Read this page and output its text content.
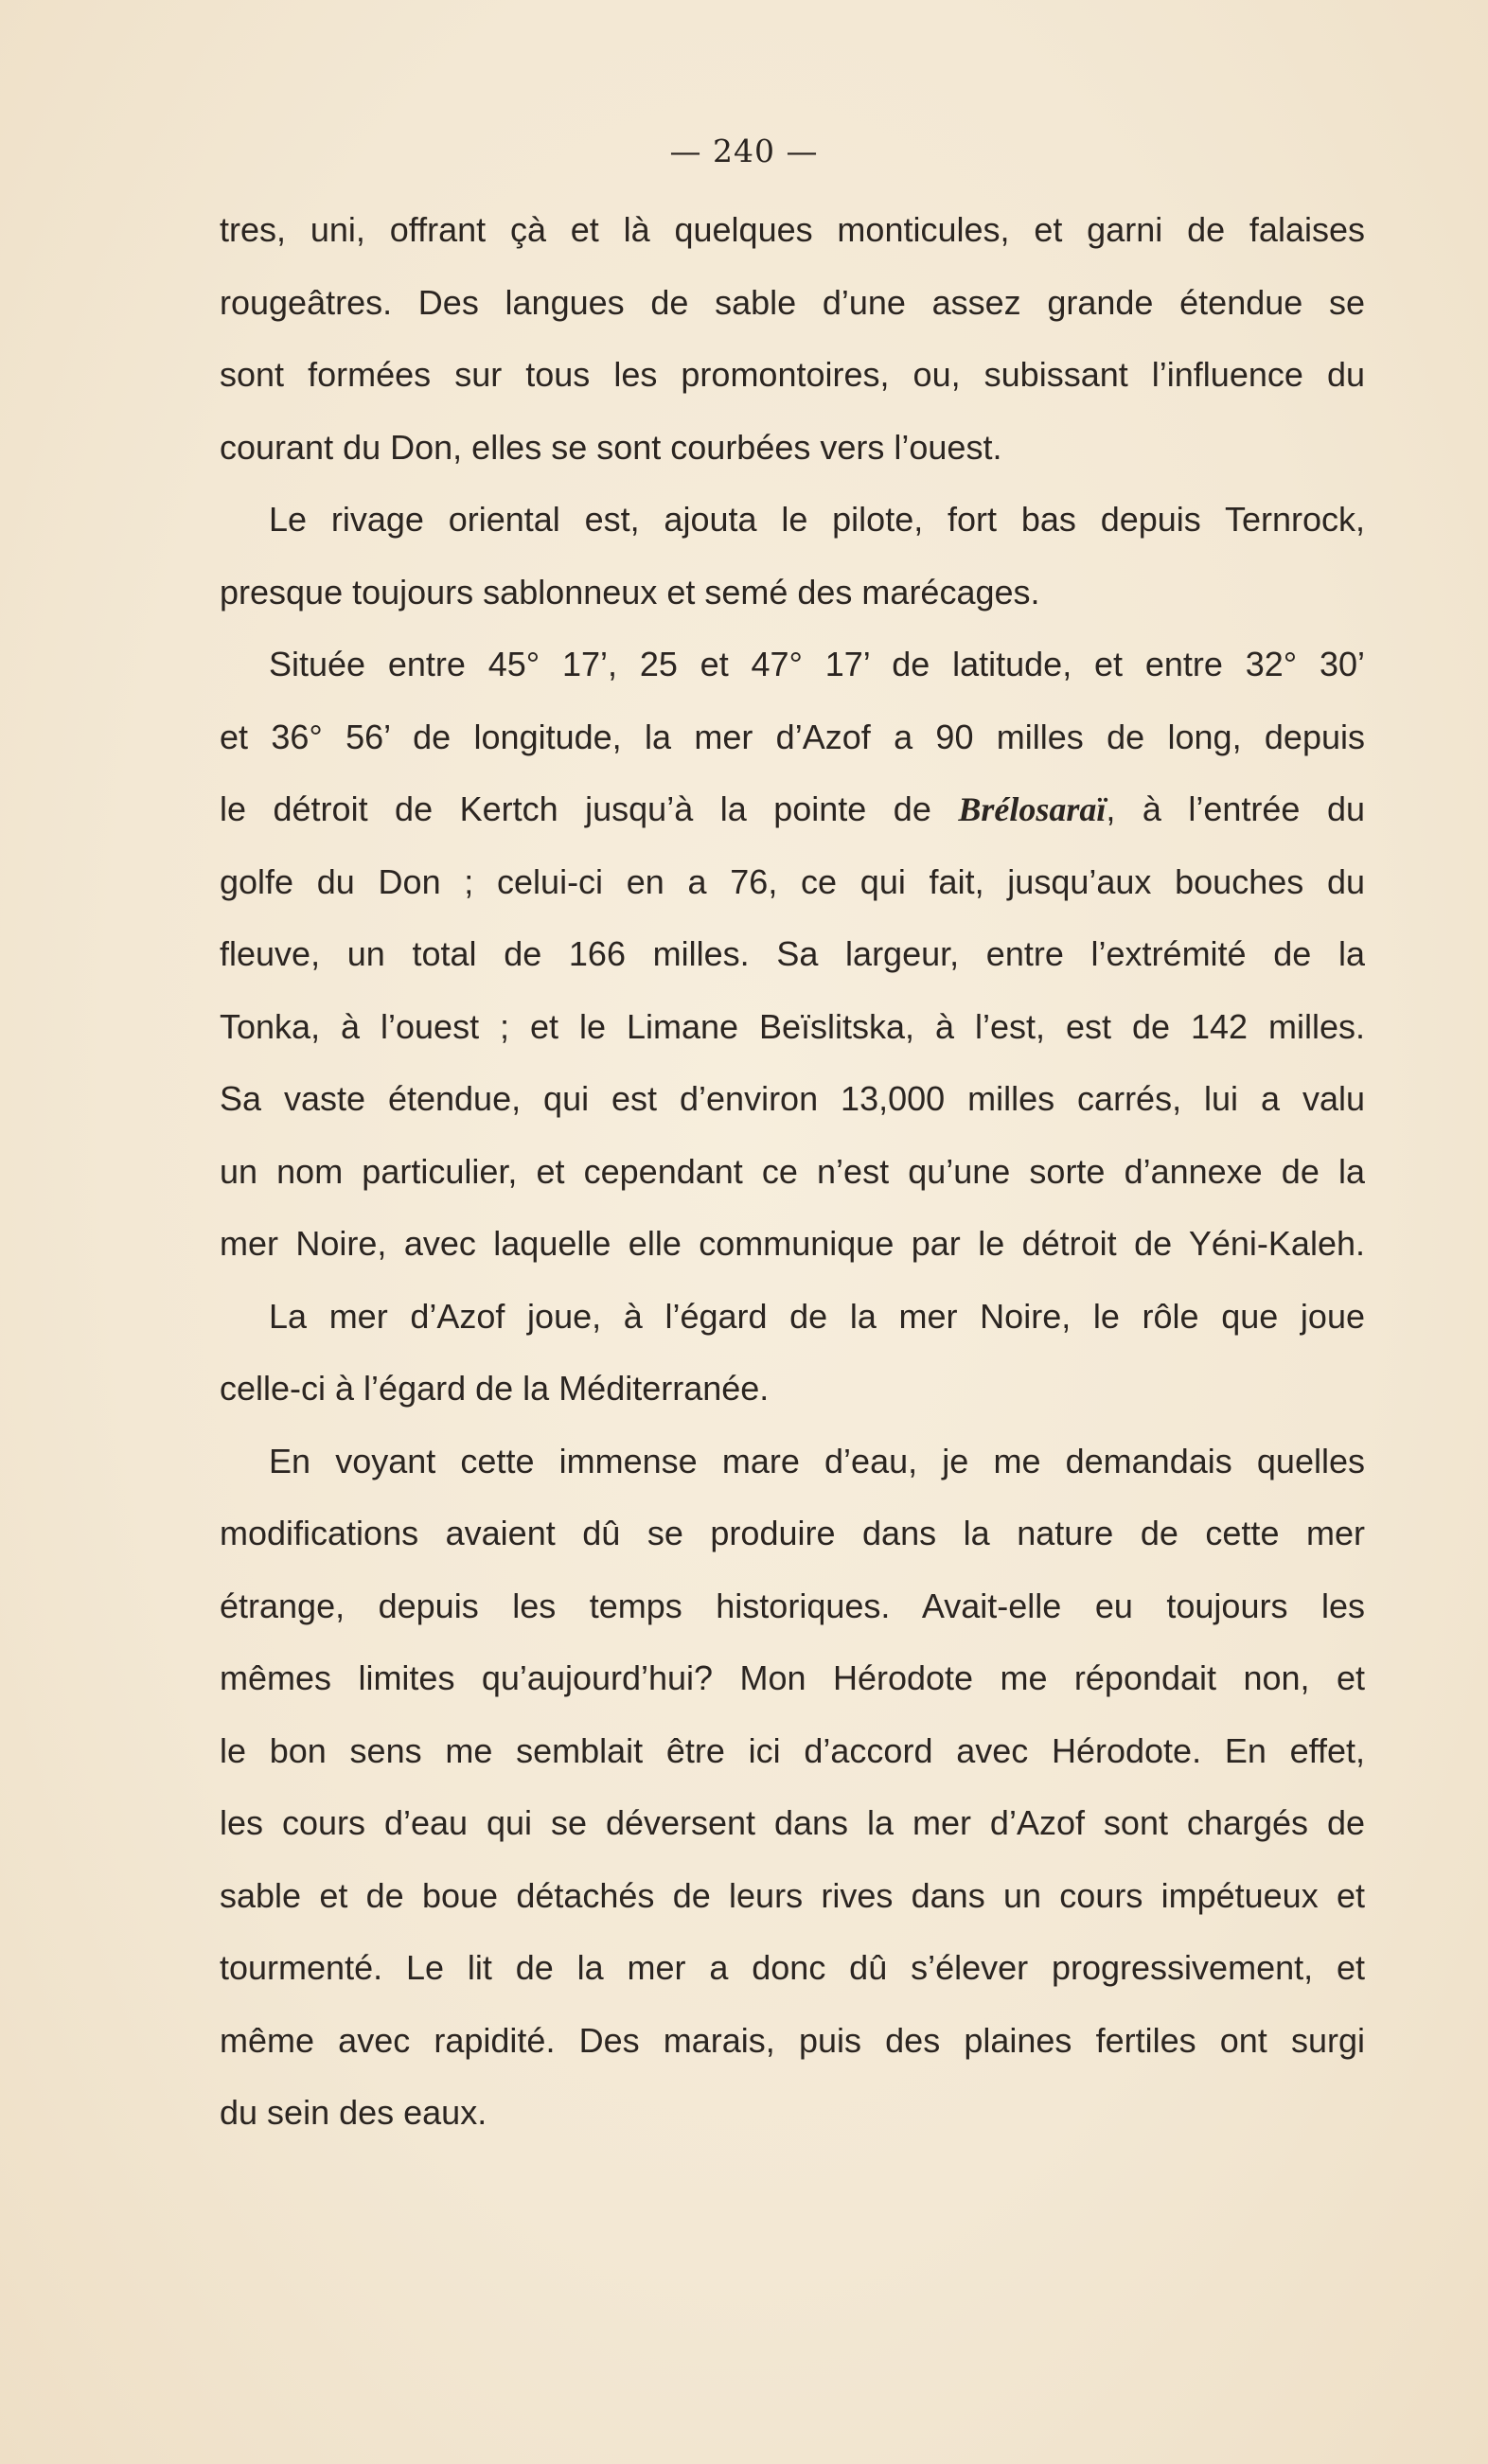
— 240 —
tres, uni, offrant çà et là quelques monticules, et garni de falaises
rougeâtres. Des langues de sable d’une assez grande étendue se
sont formées sur tous les promontoires, ou, subissant l’influence du
courant du Don, elles se sont courbées vers l’ouest.
Le rivage oriental est, ajouta le pilote, fort bas depuis Ternrock,
presque toujours sablonneux et semé des marécages.
Située entre 45° 17’, 25 et 47° 17’ de latitude, et entre 32° 30’
et 36° 56’ de longitude, la mer d’Azof a 90 milles de long, depuis
le détroit de Kertch jusqu’à la pointe de Brélosaraï, à l’entrée du
golfe du Don ; celui-ci en a 76, ce qui fait, jusqu’aux bouches du
fleuve, un total de 166 milles. Sa largeur, entre l’extrémité de la
Tonka, à l’ouest ; et le Limane Beïslitska, à l’est, est de 142 milles.
Sa vaste étendue, qui est d’environ 13,000 milles carrés, lui a valu
un nom particulier, et cependant ce n’est qu’une sorte d’annexe de la
mer Noire, avec laquelle elle communique par le détroit de Yéni-Kaleh.
La mer d’Azof joue, à l’égard de la mer Noire, le rôle que joue
celle-ci à l’égard de la Méditerranée.
En voyant cette immense mare d’eau, je me demandais quelles
modifications avaient dû se produire dans la nature de cette mer
étrange, depuis les temps historiques. Avait-elle eu toujours les
mêmes limites qu’aujourd’hui? Mon Hérodote me répondait non, et
le bon sens me semblait être ici d’accord avec Hérodote. En effet,
les cours d’eau qui se déversent dans la mer d’Azof sont chargés de
sable et de boue détachés de leurs rives dans un cours impétueux et
tourmenté. Le lit de la mer a donc dû s’élever progressivement, et
même avec rapidité. Des marais, puis des plaines fertiles ont surgi
du sein des eaux.
